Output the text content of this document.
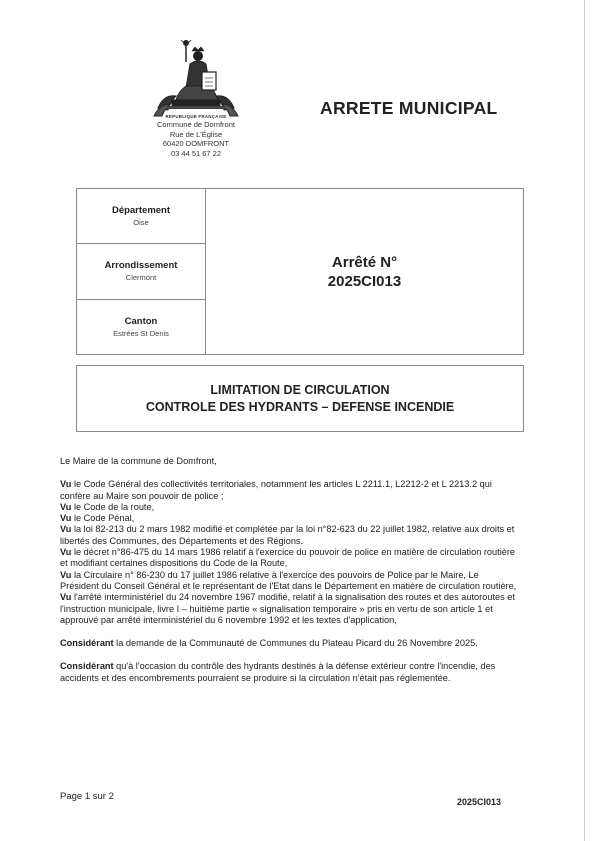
RÉPUBLIQUE FRANÇAISE
Commune de Domfront
Rue de L'Église
60420 DOMFRONT
03 44 51 67 22
ARRETE MUNICIPAL
Département
Oise
Arrondissement
Clermont
Canton
Estrées St Denis
Arrêté N°
2025CI013
LIMITATION DE CIRCULATION
CONTROLE DES HYDRANTS – DEFENSE INCENDIE

Le Maire de la commune de Domfront,

Vu le Code Général des collectivités territoriales, notamment les articles L 2211.1, L2212-2 et L 2213.2 qui confère au Maire son pouvoir de police ;

Vu le Code de la route,

Vu le Code Pénal,

Vu la loi 82-213 du 2 mars 1982 modifié et complétée par la loi n°82-623 du 22 juillet 1982, relative aux droits et libertés des Communes, des Départements et des Régions.

Vu le décret n°86-475 du 14 mars 1986 relatif à l'exercice du pouvoir de police en matière de circulation routière et modifiant certaines dispositions du Code de la Route,

Vu la Circulaire n° 86-230 du 17 juillet 1986 relative à l'exercice des pouvoirs de Police par le Maire, Le Président du Conseil Général et le représentant de l'Etat dans le Département en matière de circulation routière,

Vu l'arrêté interministériel du 24 novembre 1967 modifié, relatif à la signalisation des routes et des autoroutes et l'instruction municipale, livre I – huitième partie « signalisation temporaire » pris en vertu de son article 1 et approuvé par arrêté interministériel du 6 novembre 1992 et les textes d'application,

Considérant la demande de la Communauté de Communes du Plateau Picard du 26 Novembre 2025.

Considérant qu'à l'occasion du contrôle des hydrants destinés à la défense extérieur contre l'incendie, des accidents et des encombrements pourraient se produire si la circulation n'était pas réglementée.

Page 1 sur 2	2025CI013
